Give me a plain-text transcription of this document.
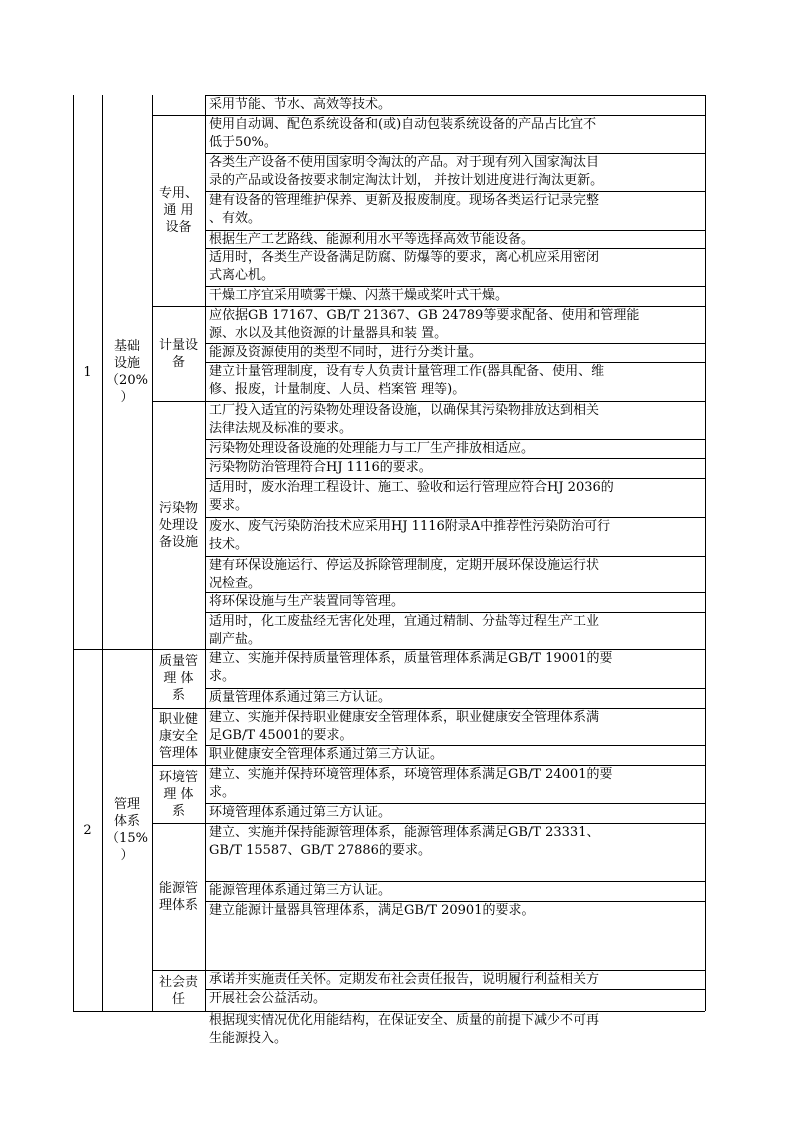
采用节能、节水、高效等技术。
使用自动调、配色系统设备和(或)自动包装系统设备的产品占比宜不
低于50%。
各类生产设备不使用国家明令淘汰的产品。对于现有列入国家淘汰目
录的产品或设备按要求制定淘汰计划， 并按计划进度进行淘汰更新。
建有设备的管理维护保养、更新及报废制度。现场各类运行记录完整
、有效。
根据生产工艺路线、能源利用水平等选择高效节能设备。
适用时，各类生产设备满足防腐、防爆等的要求，离心机应采用密闭
式离心机。
干燥工序宜采用喷雾干燥、闪蒸干燥或桨叶式干燥。
应依据GB 17167、GB/T 21367、GB 24789等要求配备、使用和管理能
源、水以及其他资源的计量器具和装 置。
能源及资源使用的类型不同时，进行分类计量。
建立计量管理制度，设有专人负责计量管理工作(器具配备、使用、维
修、报废，计量制度、人员、档案管 理等)。
工厂投入适宜的污染物处理设备设施，以确保其污染物排放达到相关
法律法规及标准的要求。
污染物处理设备设施的处理能力与工厂生产排放相适应。
污染物防治管理符合HJ 1116的要求。
适用时，废水治理工程设计、施工、验收和运行管理应符合HJ 2036的
要求。
废水、废气污染防治技术应采用HJ 1116附录A中推荐性污染防治可行
技术。
建有环保设施运行、停运及拆除管理制度，定期开展环保设施运行状
况检查。
将环保设施与生产装置同等管理。
适用时，化工废盐经无害化处理，宜通过精制、分盐等过程生产工业
副产盐。
建立、实施并保持质量管理体系，质量管理体系满足GB/T 19001的要
求。
质量管理体系通过第三方认证。
建立、实施并保持职业健康安全管理体系，职业健康安全管理体系满
足GB/T 45001的要求。
职业健康安全管理体系通过第三方认证。
建立、实施并保持环境管理体系，环境管理体系满足GB/T 24001的要
求。
环境管理体系通过第三方认证。
建立、实施并保持能源管理体系，能源管理体系满足GB/T 23331、
GB/T 15587、GB/T 27886的要求。
能源管理体系通过第三方认证。
建立能源计量器具管理体系，满足GB/T 20901的要求。
承诺并实施责任关怀。定期发布社会责任报告，说明履行利益相关方

开展社会公益活动。
根据现实情况优化用能结构，在保证安全、质量的前提下减少不可再
生能源投入。
专用、
通 用
设备
计量设
备
污染物
处理设
备设施
质量管
理 体
系
职业健
康安全
管理体
环境管
理 体
系
能源管
理体系
社会责
任
1
基础
设施
（20%
）
2
管理
体系
（15%
）
